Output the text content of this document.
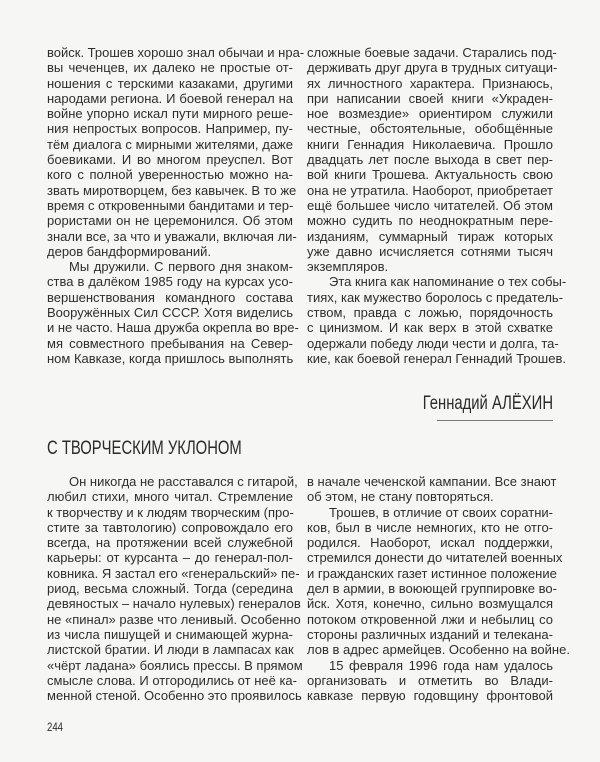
войск. Трошев хорошо знал обычаи и нра-
вы чеченцев, их далеко не простые от-
ношения с терскими казаками, другими
народами региона. И боевой генерал на
войне упорно искал пути мирного реше-
ния непростых вопросов. Например, пу-
тём диалога с мирными жителями, даже
боевиками. И во многом преуспел. Вот
кого с полной уверенностью можно на-
звать миротворцем, без кавычек. В то же
время с откровенными бандитами и тер-
рористами он не церемонился. Об этом
знали все, за что и уважали, включая ли-
деров бандформирований.
Мы дружили. С первого дня знаком-
ства в далёком 1985 году на курсах усо-
вершенствования командного состава
Вооружённых Сил СССР. Хотя виделись
и не часто. Наша дружба окрепла во вре-
мя совместного пребывания на Север-
ном Кавказе, когда пришлось выполнять
сложные боевые задачи. Старались под-
держивать друг друга в трудных ситуаци-
ях личностного характера. Признаюсь,
при написании своей книги «Украден-
ное возмездие» ориентиром служили
честные, обстоятельные, обобщённые
книги Геннадия Николаевича. Прошло
двадцать лет после выхода в свет пер-
вой книги Трошева. Актуальность свою
она не утратила. Наоборот, приобретает
ещё большее число читателей. Об этом
можно судить по неоднократным пере-
изданиям, суммарный тираж которых
уже давно исчисляется сотнями тысяч
экземпляров.
Эта книга как напоминание о тех собы-
тиях, как мужество боролось с предатель-
ством, правда с ложью, порядочность
с цинизмом. И как верх в этой схватке
одержали победу люди чести и долга, та-
кие, как боевой генерал Геннадий Трошев.
Геннадий АЛЁХИН
С ТВОРЧЕСКИМ УКЛОНОМ
Он никогда не расставался с гитарой,
любил стихи, много читал. Стремление
к творчеству и к людям творческим (про-
стите за тавтологию) сопровождало его
всегда, на протяжении всей служебной
карьеры: от курсанта – до генерал-пол-
ковника. Я застал его «генеральский» пе-
риод, весьма сложный. Тогда (середина
девяностых – начало нулевых) генералов
не «пинал» разве что ленивый. Особенно
из числа пишущей и снимающей журна-
листской братии. И люди в лампасах как
«чёрт ладана» боялись прессы. В прямом
смысле слова. И отгородились от неё ка-
менной стеной. Особенно это проявилось
в начале чеченской кампании. Все знают
об этом, не стану повторяться.
Трошев, в отличие от своих соратни-
ков, был в числе немногих, кто не отго-
родился. Наоборот, искал поддержки,
стремился донести до читателей военных
и гражданских газет истинное положение
дел в армии, в воюющей группировке во-
йск. Хотя, конечно, сильно возмущался
потоком откровенной лжи и небылиц со
стороны различных изданий и телекана-
лов в адрес армейцев. Особенно на войне.
15 февраля 1996 года нам удалось
организовать и отметить во Влади-
кавказе первую годовщину фронтовой
244
